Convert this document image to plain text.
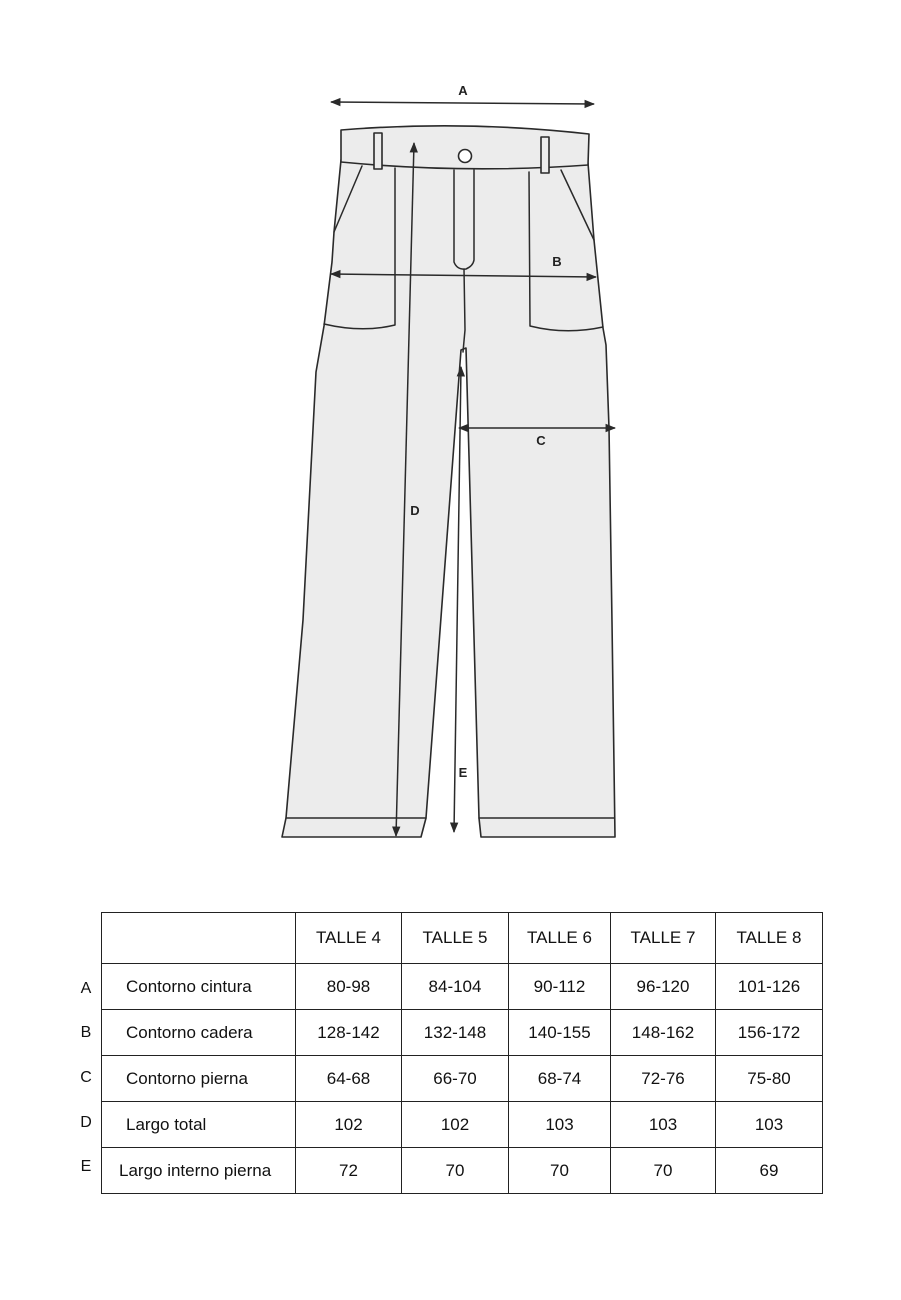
A
B
C
D
E
	TALLE 4	TALLE 5	TALLE 6	TALLE 7	TALLE 8
Contorno cintura	80-98	84-104	90-112	96-120	101-126
Contorno cadera	128-142	132-148	140-155	148-162	156-172
Contorno pierna	64-68	66-70	68-74	72-76	75-80
Largo total	102	102	103	103	103
Largo interno pierna	72	70	70	70	69
A
B
C
D
E
